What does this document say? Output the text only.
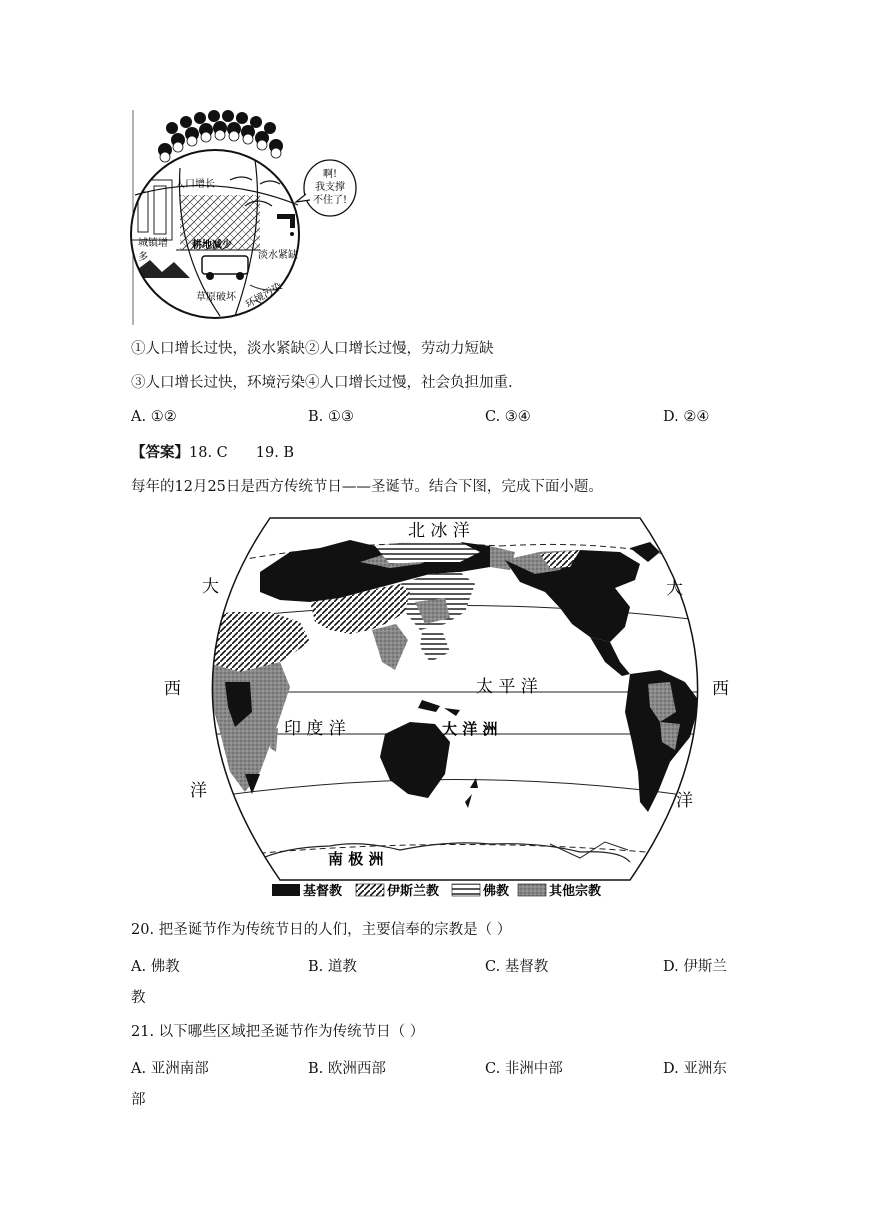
啊!
我支撑
不住了!
人口增长
城镇增
多
耕地减少
淡水紧缺
草原破坏 环境污染
①人口增长过快，淡水紧缺②人口增长过慢，劳动力短缺
③人口增长过快，环境污染④人口增长过慢，社会负担加重.
A. ①②	B. ①③	C. ③④	D. ②④
【答案】18. C 19. B
每年的12月25日是西方传统节日——圣诞节。结合下图，完成下面小题。
北 冰 洋
大
西
洋
大
西
洋
太 平 洋
印 度 洋	大 洋 洲
南 极 洲
基督教	伊斯兰教	佛教	其他宗教
20. 把圣诞节作为传统节日的人们，主要信奉的宗教是（ ）
A. 佛教	B. 道教	C. 基督教	D. 伊斯兰
教
21. 以下哪些区域把圣诞节作为传统节日（ ）
A. 亚洲南部	B. 欧洲西部	C. 非洲中部	D. 亚洲东
部
